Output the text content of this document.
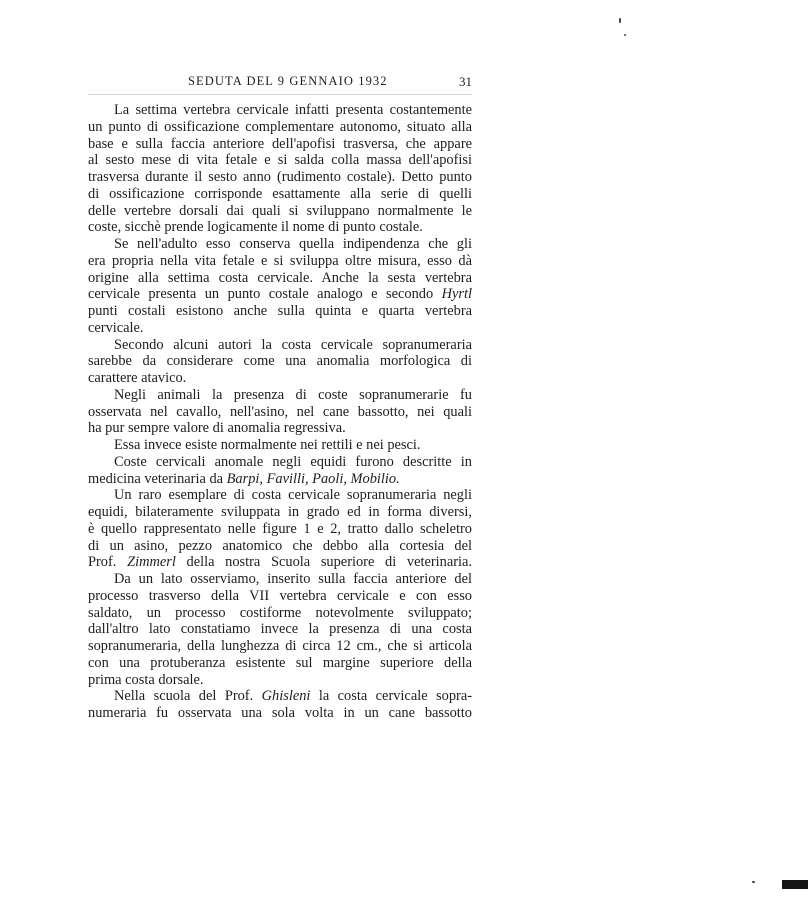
SEDUTA DEL 9 GENNAIO 1932	31
La settima vertebra cervicale infatti presenta costantemente
un punto di ossificazione complementare autonomo, situato alla
base e sulla faccia anteriore dell'apofisi trasversa, che appare
al sesto mese di vita fetale e si salda colla massa dell'apofisi
trasversa durante il sesto anno (rudimento costale). Detto punto
di ossificazione corrisponde esattamente alla serie di quelli
delle vertebre dorsali dai quali si sviluppano normalmente le
coste, sicchè prende logicamente il nome di punto costale.
Se nell'adulto esso conserva quella indipendenza che gli
era propria nella vita fetale e si sviluppa oltre misura, esso dà
origine alla settima costa cervicale. Anche la sesta vertebra
cervicale presenta un punto costale analogo e secondo Hyrtl
punti costali esistono anche sulla quinta e quarta vertebra
cervicale.
Secondo alcuni autori la costa cervicale sopranumeraria
sarebbe da considerare come una anomalia morfologica di
carattere atavico.
Negli animali la presenza di coste sopranumerarie fu
osservata nel cavallo, nell'asino, nel cane bassotto, nei quali
ha pur sempre valore di anomalia regressiva.
Essa invece esiste normalmente nei rettili e nei pesci.
Coste cervicali anomale negli equidi furono descritte in
medicina veterinaria da Barpi, Favilli, Paoli, Mobilio.
Un raro esemplare di costa cervicale sopranumeraria negli
equidi, bilateramente sviluppata in grado ed in forma diversi,
è quello rappresentato nelle figure 1 e 2, tratto dallo scheletro
di un asino, pezzo anatomico che debbo alla cortesia del
Prof. Zimmerl della nostra Scuola superiore di veterinaria.
Da un lato osserviamo, inserito sulla faccia anteriore del
processo trasverso della VII vertebra cervicale e con esso
saldato, un processo costiforme notevolmente sviluppato;
dall'altro lato constatiamo invece la presenza di una costa
sopranumeraria, della lunghezza di circa 12 cm., che si articola
con una protuberanza esistente sul margine superiore della
prima costa dorsale.
Nella scuola del Prof. Ghisleni la costa cervicale sopra-
numeraria fu osservata una sola volta in un cane bassotto
